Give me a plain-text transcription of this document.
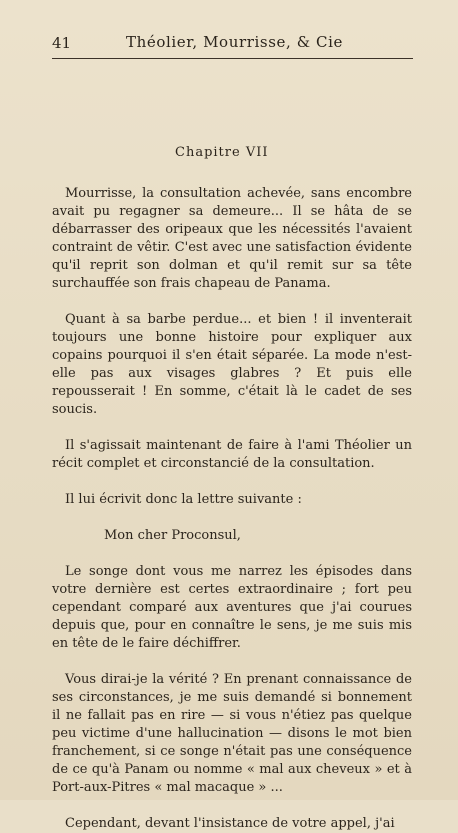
41	Théolier, Mourrisse, & Cie
Chapitre VII

Mourrisse, la consultation achevée, sans encombre avait pu regagner sa demeure... Il se hâta de se débarrasser des oripeaux que les nécessités l'avaient contraint de vêtir. C'est avec une satisfaction évidente qu'il reprit son dolman et qu'il remit sur sa tête surchauffée son frais chapeau de Panama.

Quant à sa barbe perdue... et bien ! il inventerait toujours une bonne histoire pour expliquer aux copains pourquoi il s'en était séparée. La mode n'est-elle pas aux visages glabres ? Et puis elle repousserait ! En somme, c'était là le cadet de ses soucis.

Il s'agissait maintenant de faire à l'ami Théolier un récit complet et circonstancié de la consultation.

Il lui écrivit donc la lettre suivante :

Mon cher Proconsul,

Le songe dont vous me narrez les épisodes dans votre dernière est certes extraordinaire ; fort peu cependant comparé aux aventures que j'ai courues depuis que, pour en connaître le sens, je me suis mis en tête de le faire déchiffrer.

Vous dirai-je la vérité ? En prenant connaissance de ses circonstances, je me suis demandé si bonnement il ne fallait pas en rire — si vous n'étiez pas quelque peu victime d'une hallucination — disons le mot bien franchement, si ce songe n'était pas une conséquence de ce qu'à Panam ou nomme « mal aux cheveux » et à Port-aux-Pitres « mal macaque » ...

Cependant, devant l'insistance de votre appel, j'ai
